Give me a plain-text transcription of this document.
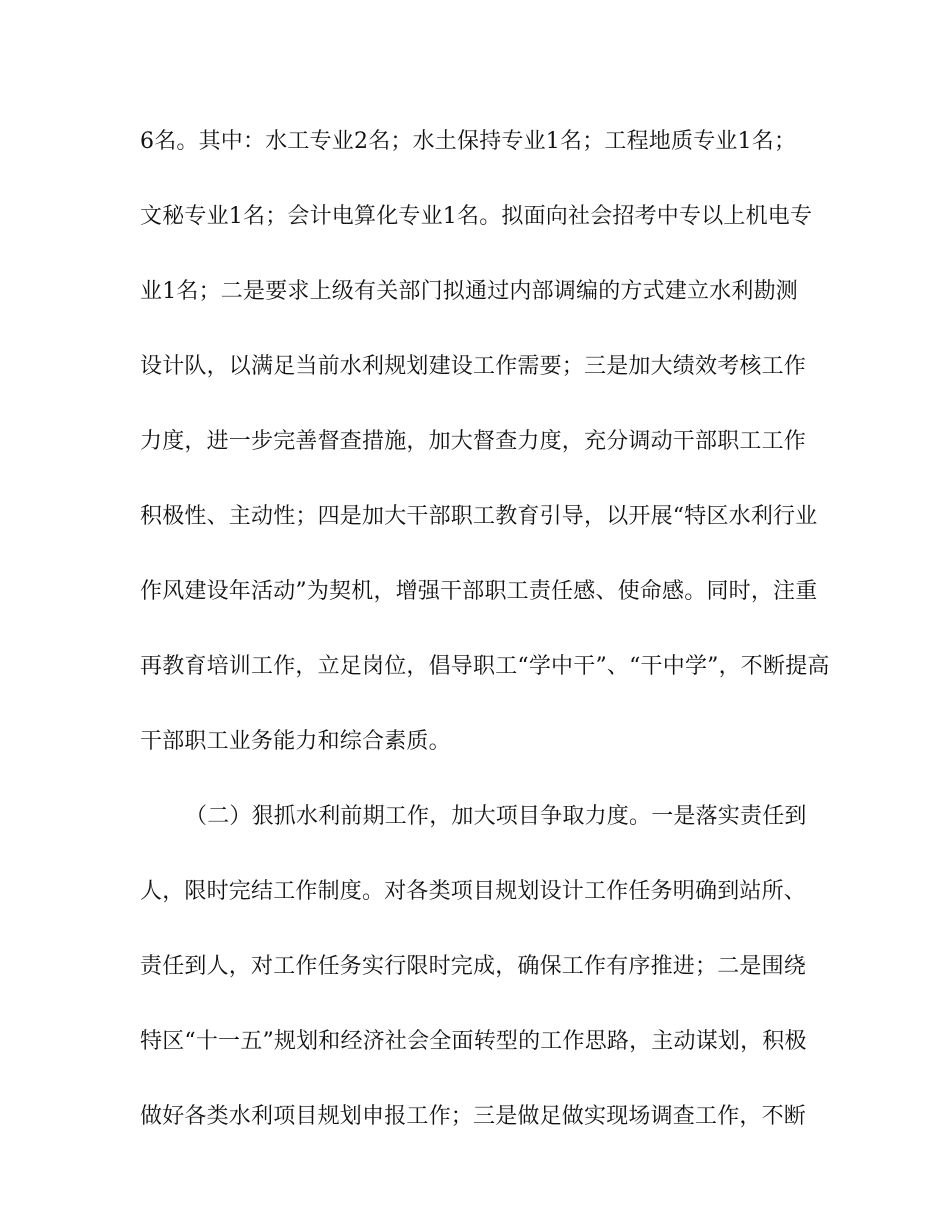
6名。其中：水工专业2名；水土保持专业1名；工程地质专业1名；
文秘专业1名；会计电算化专业1名。拟面向社会招考中专以上机电专
业1名；二是要求上级有关部门拟通过内部调编的方式建立水利勘测
设计队，以满足当前水利规划建设工作需要；三是加大绩效考核工作
力度，进一步完善督查措施，加大督查力度，充分调动干部职工工作
积极性、主动性；四是加大干部职工教育引导，以开展“特区水利行业
作风建设年活动”为契机，增强干部职工责任感、使命感。同时，注重
再教育培训工作，立足岗位，倡导职工“学中干”、“干中学”，不断提高
干部职工业务能力和综合素质。
（二）狠抓水利前期工作，加大项目争取力度。一是落实责任到
人，限时完结工作制度。对各类项目规划设计工作任务明确到站所、
责任到人，对工作任务实行限时完成，确保工作有序推进；二是围绕
特区“十一五”规划和经济社会全面转型的工作思路，主动谋划，积极
做好各类水利项目规划申报工作；三是做足做实现场调查工作，不断
